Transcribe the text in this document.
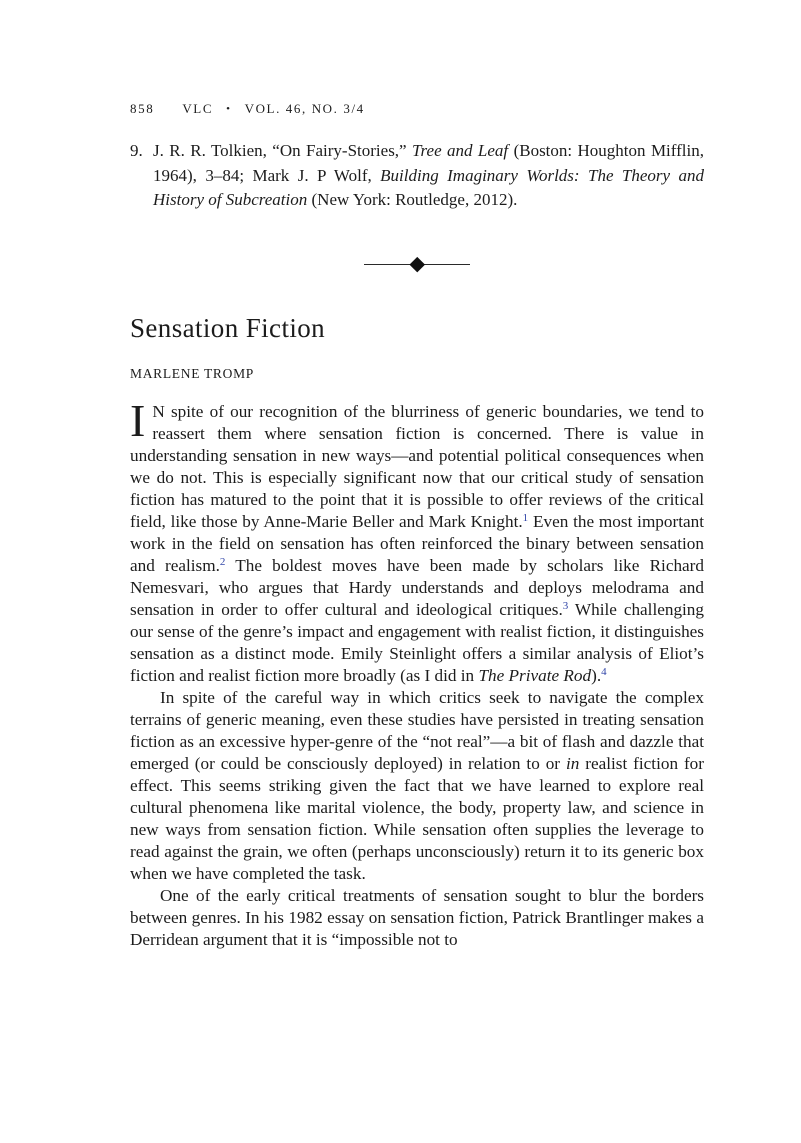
858 VLC • VOL. 46, NO. 3/4
9. J. R. R. Tolkien, “On Fairy-Stories,” Tree and Leaf (Boston: Houghton Mifflin, 1964), 3–84; Mark J. P Wolf, Building Imaginary Worlds: The Theory and History of Subcreation (New York: Routledge, 2012).
Sensation Fiction
MARLENE TROMP

I N spite of our recognition of the blurriness of generic boundaries, we tend to reassert them where sensation fiction is concerned. There is value in understanding sensation in new ways—and potential political consequences when we do not. This is especially significant now that our critical study of sensation fiction has matured to the point that it is possible to offer reviews of the critical field, like those by Anne-Marie Beller and Mark Knight.$^1$ Even the most important work in the field on sensation has often reinforced the binary between sensation and realism.$^2$ The boldest moves have been made by scholars like Richard Nemesvari, who argues that Hardy understands and deploys melodrama and sensation in order to offer cultural and ideological critiques.$^3$ While challenging our sense of the genre’s impact and engagement with realist fiction, it distinguishes sensation as a distinct mode. Emily Steinlight offers a similar analysis of Eliot’s fiction and realist fiction more broadly (as I did in The Private Rod).$^4$

In spite of the careful way in which critics seek to navigate the complex terrains of generic meaning, even these studies have persisted in treating sensation fiction as an excessive hyper-genre of the “not real”—a bit of flash and dazzle that emerged (or could be consciously deployed) in relation to or in realist fiction for effect. This seems striking given the fact that we have learned to explore real cultural phenomena like marital violence, the body, property law, and science in new ways from sensation fiction. While sensation often supplies the leverage to read against the grain, we often (perhaps unconsciously) return it to its generic box when we have completed the task.

One of the early critical treatments of sensation sought to blur the borders between genres. In his 1982 essay on sensation fiction, Patrick Brantlinger makes a Derridean argument that it is “impossible not to
